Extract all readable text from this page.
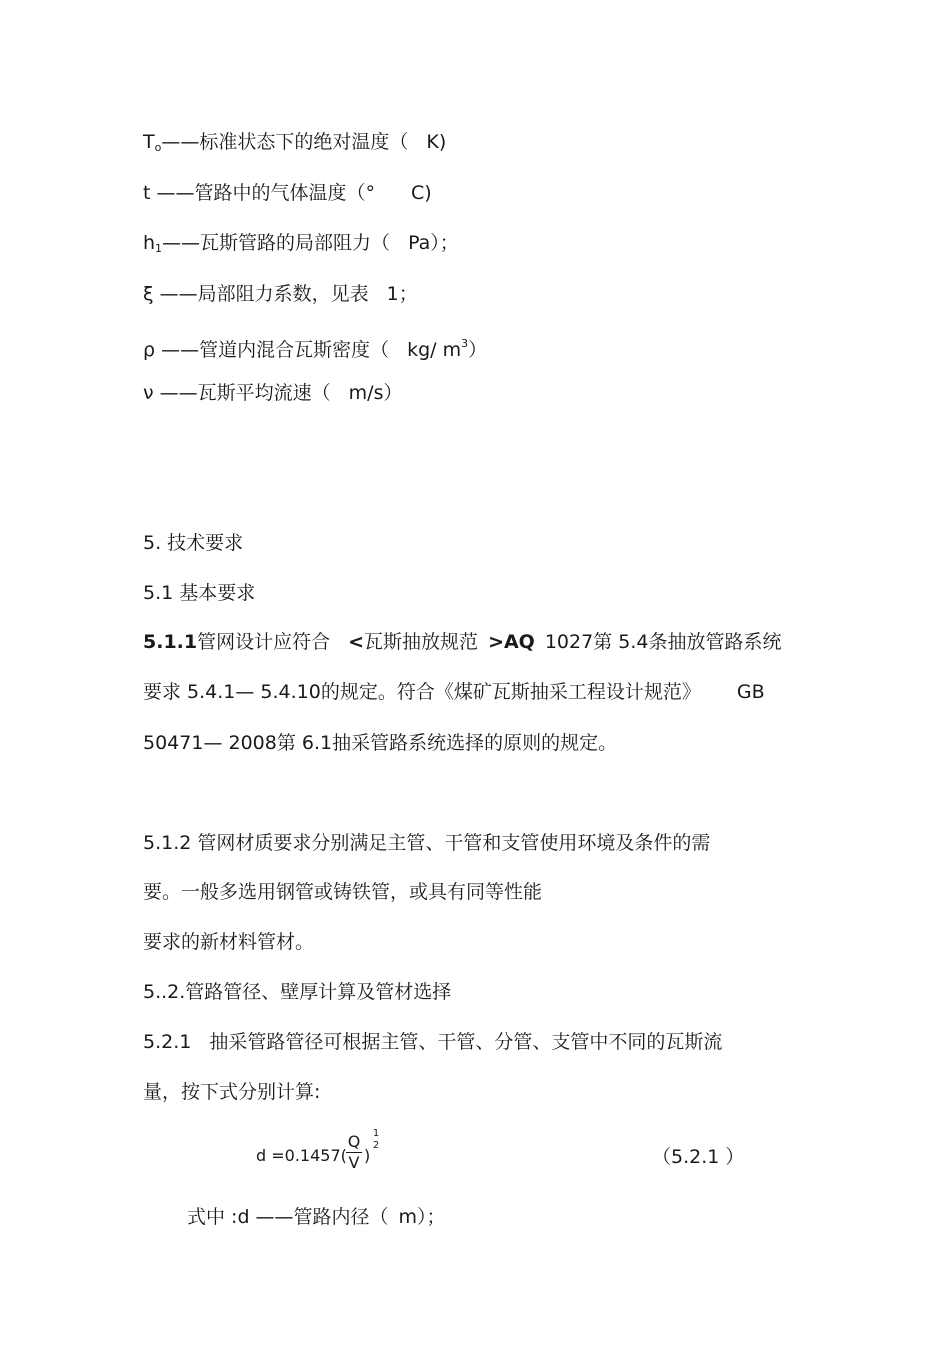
$T_o——$标准状态下的绝对温度（ K)
t ——管路中的气体温度（° C)
$h_1——$瓦斯管路的局部阻力（ Pa）；
ξ ——局部阻力系数，见表 1；
ρ ——管道内混合瓦斯密度（ kg/ $m^3$）
ν ——瓦斯平均流速（ m/s）
5. 技术要求
5.1 基本要求
5.1.1管网设计应符合 <瓦斯抽放规范 >AQ 1027第 5.4条抽放管路系统
要求 5.4.1— 5.4.10的规定。符合《煤矿瓦斯抽采工程设计规范》 GB
50471— 2008第 6.1抽采管路系统选择的原则的规定。
5.1.2 管网材质要求分别满足主管、干管和支管使用环境及条件的需
要。一般多选用钢管或铸铁管，或具有同等性能
要求的新材料管材。
5..2.管路管径、壁厚计算及管材选择
5.2.1 抽采管路管径可根据主管、干管、分管、支管中不同的瓦斯流
量，按下式分别计算:
d =0.1457(
Q
V )
1
2
（5.2.1 ）
式中 :d ——管路内径（ m）；
